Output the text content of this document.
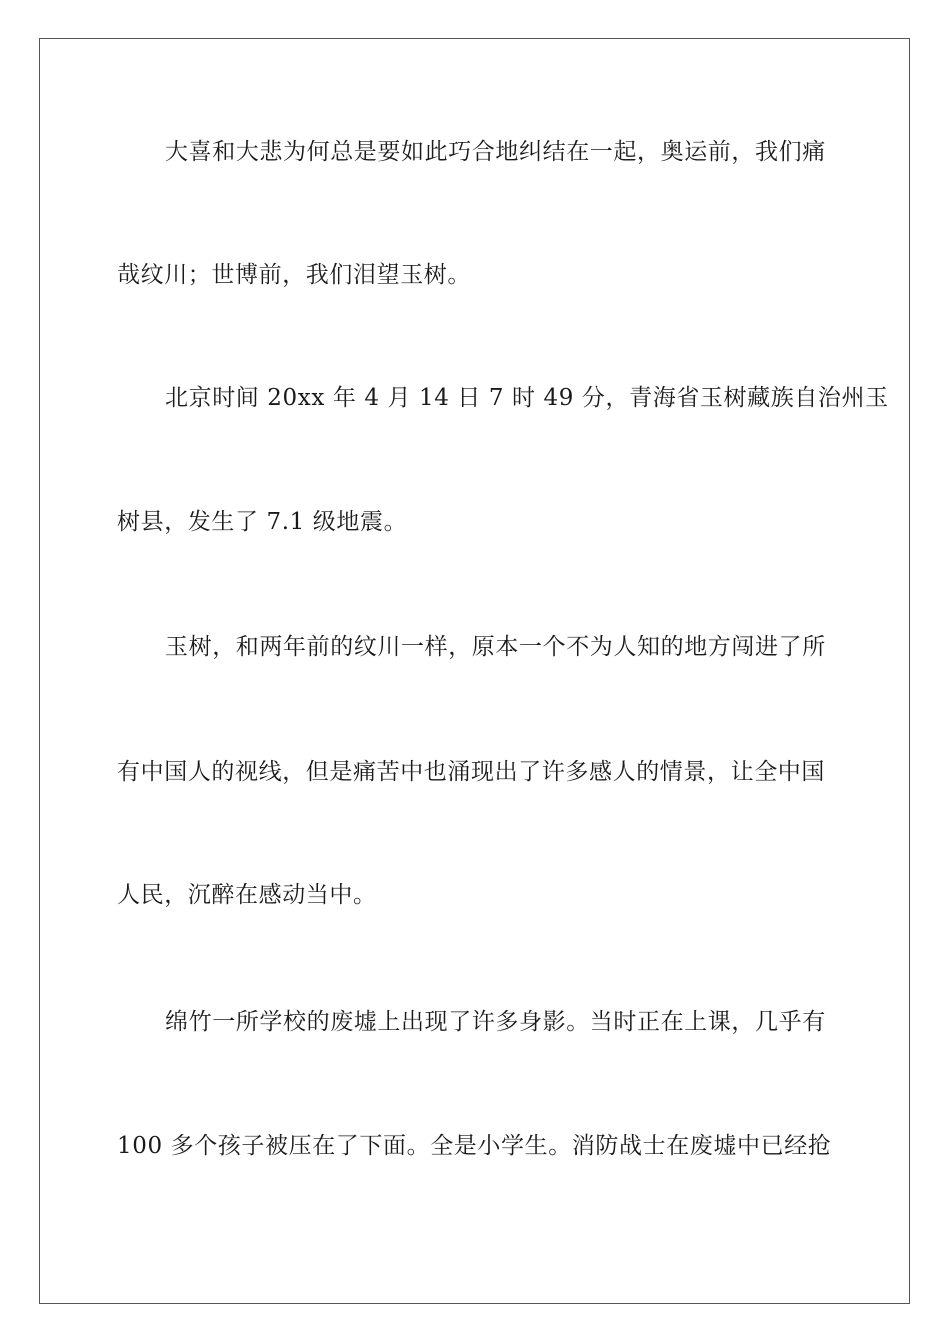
大喜和大悲为何总是要如此巧合地纠结在一起，奥运前，我们痛
哉纹川；世博前，我们泪望玉树。
北京时间 20xx 年 4 月 14 日 7 时 49 分，青海省玉树藏族自治州玉
树县，发生了 7.1 级地震。
玉树，和两年前的纹川一样，原本一个不为人知的地方闯进了所
有中国人的视线，但是痛苦中也涌现出了许多感人的情景，让全中国
人民，沉醉在感动当中。
绵竹一所学校的废墟上出现了许多身影。当时正在上课，几乎有
100 多个孩子被压在了下面。全是小学生。消防战士在废墟中已经抢
